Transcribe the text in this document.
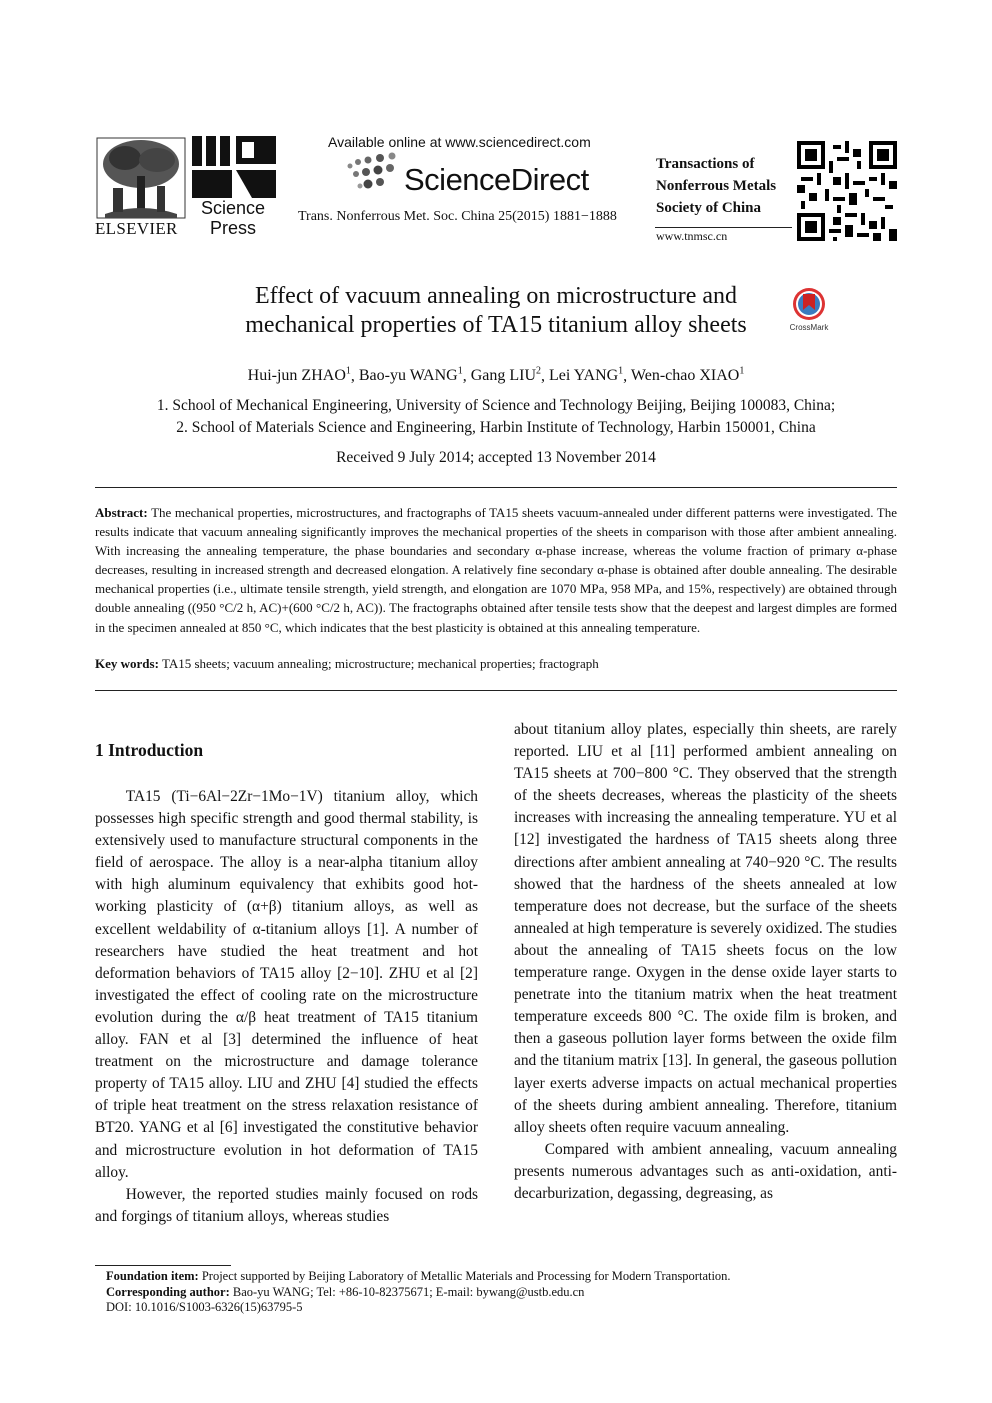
ELSEVIER
Science
Press
Available online at www.sciencedirect.com
ScienceDirect
Trans. Nonferrous Met. Soc. China 25(2015) 1881−1888
Transactions of
Nonferrous Metals
Society of China
www.tnmsc.cn
Effect of vacuum annealing on microstructure and
mechanical properties of TA15 titanium alloy sheets	CrossMark
Hui-jun ZHAO$^1$, Bao-yu WANG$^1$, Gang LIU$^2$, Lei YANG$^1$, Wen-chao XIAO$^1$
1. School of Mechanical Engineering, University of Science and Technology Beijing, Beijing 100083, China;
2. School of Materials Science and Engineering, Harbin Institute of Technology, Harbin 150001, China
Received 9 July 2014; accepted 13 November 2014
Abstract: The mechanical properties, microstructures, and fractographs of TA15 sheets vacuum-annealed under different patterns were investigated. The results indicate that vacuum annealing significantly improves the mechanical properties of the sheets in comparison with those after ambient annealing. With increasing the annealing temperature, the phase boundaries and secondary α-phase increase, whereas the volume fraction of primary α-phase decreases, resulting in increased strength and decreased elongation. A relatively fine secondary α-phase is obtained after double annealing. The desirable mechanical properties (i.e., ultimate tensile strength, yield strength, and elongation are 1070 MPa, 958 MPa, and 15%, respectively) are obtained through double annealing ((950 °C/2 h, AC)+(600 °C/2 h, AC)). The fractographs obtained after tensile tests show that the deepest and largest dimples are formed in the specimen annealed at 850 °C, which indicates that the best plasticity is obtained at this annealing temperature.
Key words: TA15 sheets; vacuum annealing; microstructure; mechanical properties; fractograph
1 Introduction

TA15 (Ti−6Al−2Zr−1Mo−1V) titanium alloy, which possesses high specific strength and good thermal stability, is extensively used to manufacture structural components in the field of aerospace. The alloy is a near-alpha titanium alloy with high aluminum equivalency that exhibits good hot-working plasticity of (α+β) titanium alloys, as well as excellent weldability of α-titanium alloys [1]. A number of researchers have studied the heat treatment and hot deformation behaviors of TA15 alloy [2−10]. ZHU et al [2] investigated the effect of cooling rate on the microstructure evolution during the α/β heat treatment of TA15 titanium alloy. FAN et al [3] determined the influence of heat treatment on the microstructure and damage tolerance property of TA15 alloy. LIU and ZHU [4] studied the effects of triple heat treatment on the stress relaxation resistance of BT20. YANG et al [6] investigated the constitutive behavior and microstructure evolution in hot deformation of TA15 alloy.

However, the reported studies mainly focused on rods and forgings of titanium alloys, whereas studies

about titanium alloy plates, especially thin sheets, are rarely reported. LIU et al [11] performed ambient annealing on TA15 sheets at 700−800 °C. They observed that the strength of the sheets decreases, whereas the plasticity of the sheets increases with increasing the annealing temperature. YU et al [12] investigated the hardness of TA15 sheets along three directions after ambient annealing at 740−920 °C. The results showed that the hardness of the sheets annealed at low temperature does not decrease, but the surface of the sheets annealed at high temperature is severely oxidized. The studies about the annealing of TA15 sheets focus on the low temperature range. Oxygen in the dense oxide layer starts to penetrate into the titanium matrix when the heat treatment temperature exceeds 800 °C. The oxide film is broken, and then a gaseous pollution layer forms between the oxide film and the titanium matrix [13]. In general, the gaseous pollution layer exerts adverse impacts on actual mechanical properties of the sheets during ambient annealing. Therefore, titanium alloy sheets often require vacuum annealing.

Compared with ambient annealing, vacuum annealing presents numerous advantages such as anti-oxidation, anti-decarburization, degassing, degreasing, as

Foundation item: Project supported by Beijing Laboratory of Metallic Materials and Processing for Modern Transportation.
Corresponding author: Bao-yu WANG; Tel: +86-10-82375671; E-mail: bywang@ustb.edu.cn
DOI: 10.1016/S1003-6326(15)63795-5
